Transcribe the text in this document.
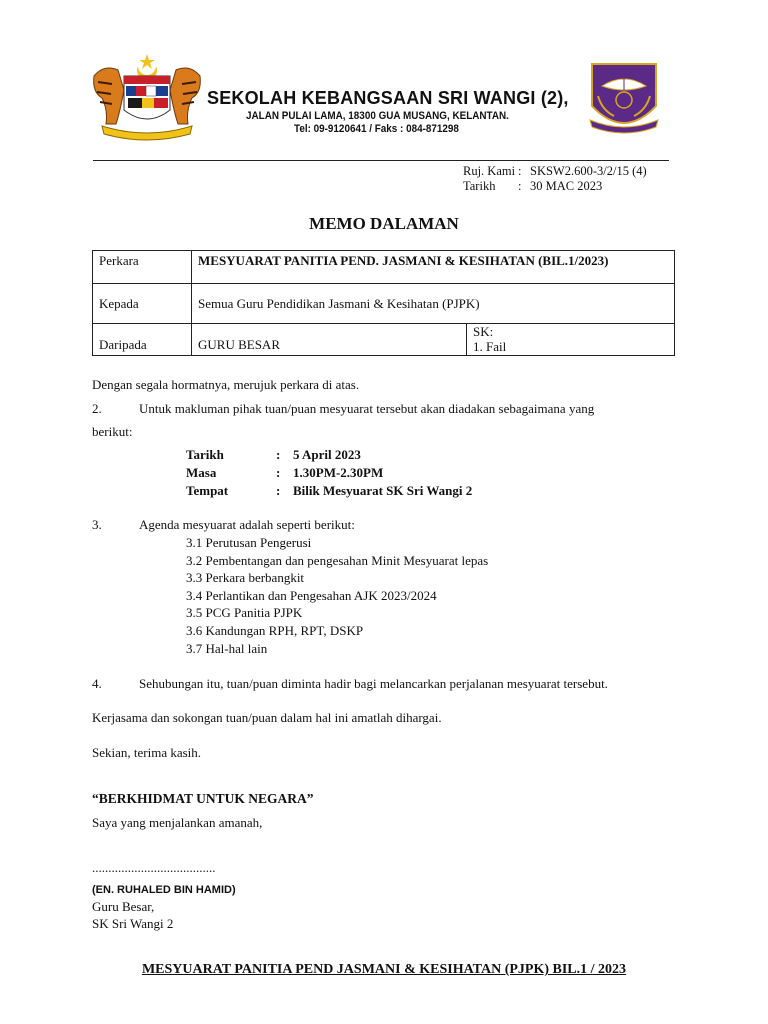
SEKOLAH KEBANGSAAN SRI WANGI (2),
JALAN PULAI LAMA, 18300 GUA MUSANG, KELANTAN.
Tel: 09-9120641 / Faks : 084-871298
Ruj. Kami : SKSW2.600-3/2/15 (4)
Tarikh : 30 MAC 2023
MEMO DALAMAN
Perkara	MESYUARAT PANITIA PEND. JASMANI & KESIHATAN (BIL.1/2023)	
Kepada	Semua Guru Pendidikan Jasmani & Kesihatan (PJPK)	
Daripada	GURU BESAR	SK:
1. Fail
Dengan segala hormatnya, merujuk perkara di atas.
2.	Untuk makluman pihak tuan/puan mesyuarat tersebut akan diadakan sebagaimana yang
berikut:
Tarikh	: 5 April 2023
Masa	: 1.30PM-2.30PM
Tempat	: Bilik Mesyuarat SK Sri Wangi 2
3.	Agenda mesyuarat adalah seperti berikut:
3.1 Perutusan Pengerusi
3.2 Pembentangan dan pengesahan Minit Mesyuarat lepas
3.3 Perkara berbangkit
3.4 Perlantikan dan Pengesahan AJK 2023/2024
3.5 PCG Panitia PJPK
3.6 Kandungan RPH, RPT, DSKP
3.7 Hal-hal lain
4.	Sehubungan itu, tuan/puan diminta hadir bagi melancarkan perjalanan mesyuarat tersebut.
Kerjasama dan sokongan tuan/puan dalam hal ini amatlah dihargai.
Sekian, terima kasih.
“BERKHIDMAT UNTUK NEGARA”
Saya yang menjalankan amanah,
......................................
(EN. RUHALED BIN HAMID)
Guru Besar,
SK Sri Wangi 2
MESYUARAT PANITIA PEND JASMANI & KESIHATAN (PJPK) BIL.1 / 2023
